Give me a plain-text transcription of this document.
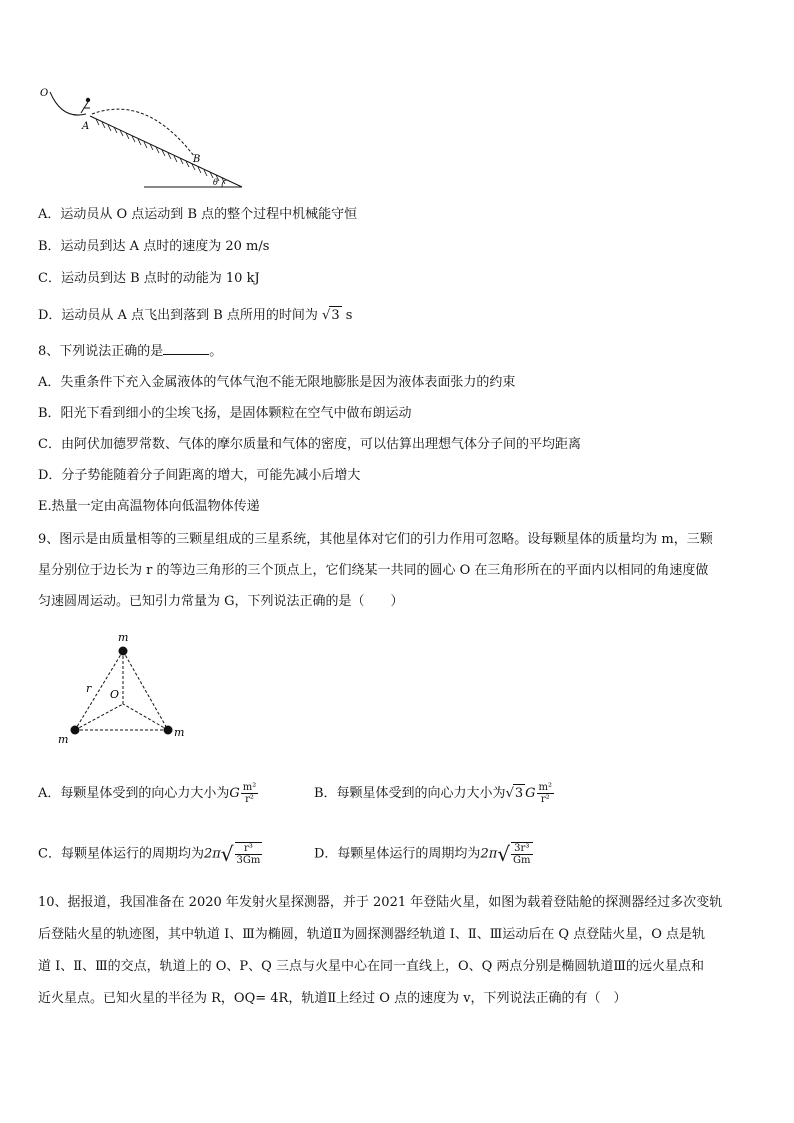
O
A
B
θ
A．运动员从 O 点运动到 B 点的整个过程中机械能守恒
B．运动员到达 A 点时的速度为 20 m/s
C．运动员到达 B 点时的动能为 10 kJ
D．运动员从 A 点飞出到落到 B 点所用的时间为 √3 s
8、下列说法正确的是	。
A．失重条件下充入金属液体的气体气泡不能无限地膨胀是因为液体表面张力的约束
B．阳光下看到细小的尘埃飞扬，是固体颗粒在空气中做布朗运动
C．由阿伏加德罗常数、气体的摩尔质量和气体的密度，可以估算出理想气体分子间的平均距离
D．分子势能随着分子间距离的增大，可能先减小后增大
E.热量一定由高温物体向低温物体传递
9、图示是由质量相等的三颗星组成的三星系统，其他星体对它们的引力作用可忽略。设每颗星体的质量均为 m，三颗
星分别位于边长为 r 的等边三角形的三个顶点上，它们绕某一共同的圆心 O 在三角形所在的平面内以相同的角速度做
匀速圆周运动。已知引力常量为 G，下列说法正确的是（　　）
m
r O
m
m
A．每颗星体受到的向心力大小为G $\frac{\text{m²}}{\text{r²}}$	B．每颗星体受到的向心力大小为√3 G $\frac{\text{m²}}{\text{r²}}$
C．每颗星体运行的周期均为$2\pi√ \frac{\text{r³}}{3Gm}$	D．每颗星体运行的周期均为$2\pi√ \frac{\text{3r³}}{Gm}$
10、据报道，我国准备在 2020 年发射火星探测器，并于 2021 年登陆火星，如图为载着登陆舱的探测器经过多次变轨
后登陆火星的轨迹图，其中轨道 I、Ⅲ为椭圆，轨道Ⅱ为圆探测器经轨道 I、Ⅱ、Ⅲ运动后在 Q 点登陆火星，O 点是轨
道 I、Ⅱ、Ⅲ的交点，轨道上的 O、P、Q 三点与火星中心在同一直线上，O、Q 两点分别是椭圆轨道Ⅲ的远火星点和
近火星点。已知火星的半径为 R，OQ= 4R，轨道Ⅱ上经过 O 点的速度为 v，下列说法正确的有（　）
